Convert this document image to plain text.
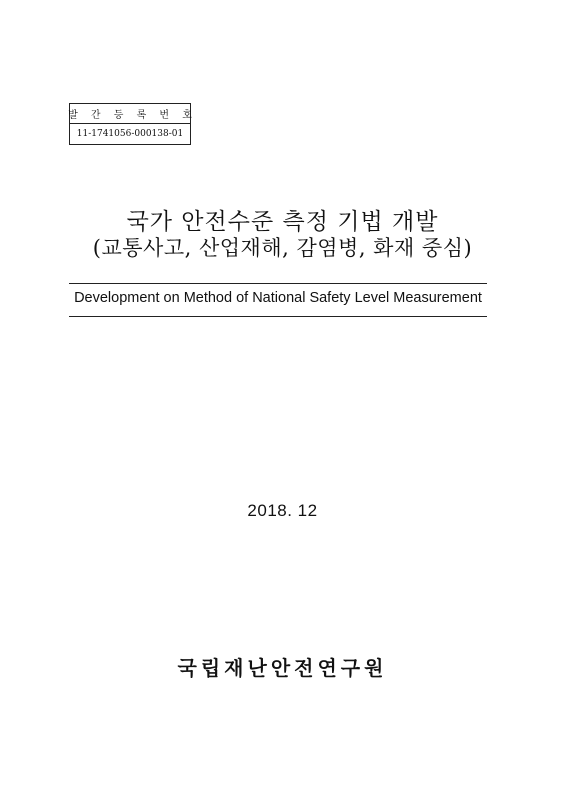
발 간 등 록 번 호
11-1741056-000138-01
국가 안전수준 측정 기법 개발
(교통사고, 산업재해, 감염병, 화재 중심)
Development on Method of National Safety Level Measurement
2018. 12
국립재난안전연구원
